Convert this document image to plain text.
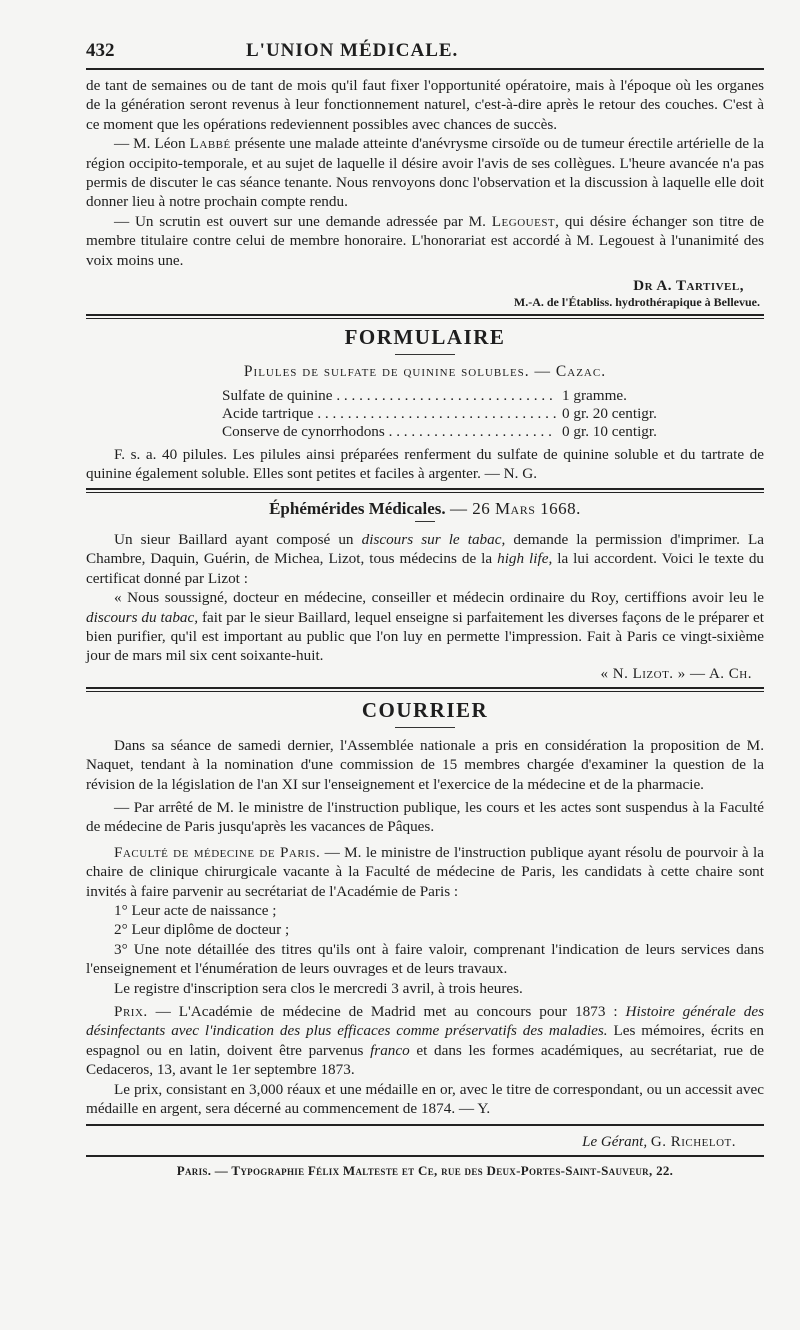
432	L'UNION MÉDICALE.

de tant de semaines ou de tant de mois qu'il faut fixer l'opportunité opératoire, mais à l'époque où les organes de la génération seront revenus à leur fonctionnement naturel, c'est-à-dire après le retour des couches. C'est à ce moment que les opérations redeviennent possibles avec chances de succès.

— M. Léon Labbé présente une malade atteinte d'anévrysme cirsoïde ou de tumeur érectile artérielle de la région occipito-temporale, et au sujet de laquelle il désire avoir l'avis de ses collègues. L'heure avancée n'a pas permis de discuter le cas séance tenante. Nous renvoyons donc l'observation et la discussion à laquelle elle doit donner lieu à notre prochain compte rendu.

— Un scrutin est ouvert sur une demande adressée par M. Legouest, qui désire échanger son titre de membre titulaire contre celui de membre honoraire. L'honorariat est accordé à M. Legouest à l'unanimité des voix moins une.

Dr A. Tartivel,

M.-A. de l'Établiss. hydrothérapique à Bellevue.

FORMULAIRE
Pilules de sulfate de quinine solubles. — Cazac.
Sulfate de quinine . . .	1 gramme.
Acide tartrique . . .	0 gr. 20 centigr.
Conserve de cynorrhodons . . .	0 gr. 10 centigr.

F. s. a. 40 pilules. Les pilules ainsi préparées renferment du sulfate de quinine soluble et du tartrate de quinine également soluble. Elles sont petites et faciles à argenter. — N. G.

Éphémérides Médicales. — 26 Mars 1668.

Un sieur Baillard ayant composé un discours sur le tabac, demande la permission d'imprimer. La Chambre, Daquin, Guérin, de Michea, Lizot, tous médecins de la high life, la lui accordent. Voici le texte du certificat donné par Lizot :

« Nous soussigné, docteur en médecine, conseiller et médecin ordinaire du Roy, certiffions avoir leu le discours du tabac, fait par le sieur Baillard, lequel enseigne si parfaitement les diverses façons de le préparer et bien purifier, qu'il est important au public que l'on luy en permette l'impression. Fait à Paris ce vingt-sixième jour de mars mil six cent soixante-huit.

« N. Lizot. » — A. Ch.

COURRIER

Dans sa séance de samedi dernier, l'Assemblée nationale a pris en considération la proposition de M. Naquet, tendant à la nomination d'une commission de 15 membres chargée d'examiner la question de la révision de la législation de l'an XI sur l'enseignement et l'exercice de la médecine et de la pharmacie.

— Par arrêté de M. le ministre de l'instruction publique, les cours et les actes sont suspendus à la Faculté de médecine de Paris jusqu'après les vacances de Pâques.

Faculté de médecine de Paris. — M. le ministre de l'instruction publique ayant résolu de pourvoir à la chaire de clinique chirurgicale vacante à la Faculté de médecine de Paris, les candidats à cette chaire sont invités à faire parvenir au secrétariat de l'Académie de Paris :

1° Leur acte de naissance ;

2° Leur diplôme de docteur ;

3° Une note détaillée des titres qu'ils ont à faire valoir, comprenant l'indication de leurs services dans l'enseignement et l'énumération de leurs ouvrages et de leurs travaux.

Le registre d'inscription sera clos le mercredi 3 avril, à trois heures.

Prix. — L'Académie de médecine de Madrid met au concours pour 1873 : Histoire générale des désinfectants avec l'indication des plus efficaces comme préservatifs des maladies. Les mémoires, écrits en espagnol ou en latin, doivent être parvenus franco et dans les formes académiques, au secrétariat, rue de Cedaceros, 13, avant le 1er septembre 1873.

Le prix, consistant en 3,000 réaux et une médaille en or, avec le titre de correspondant, ou un accessit avec médaille en argent, sera décerné au commencement de 1874. — Y.

Le Gérant, G. Richelot.

Paris. — Typographie Félix Malteste et Ce, rue des Deux-Portes-Saint-Sauveur, 22.
